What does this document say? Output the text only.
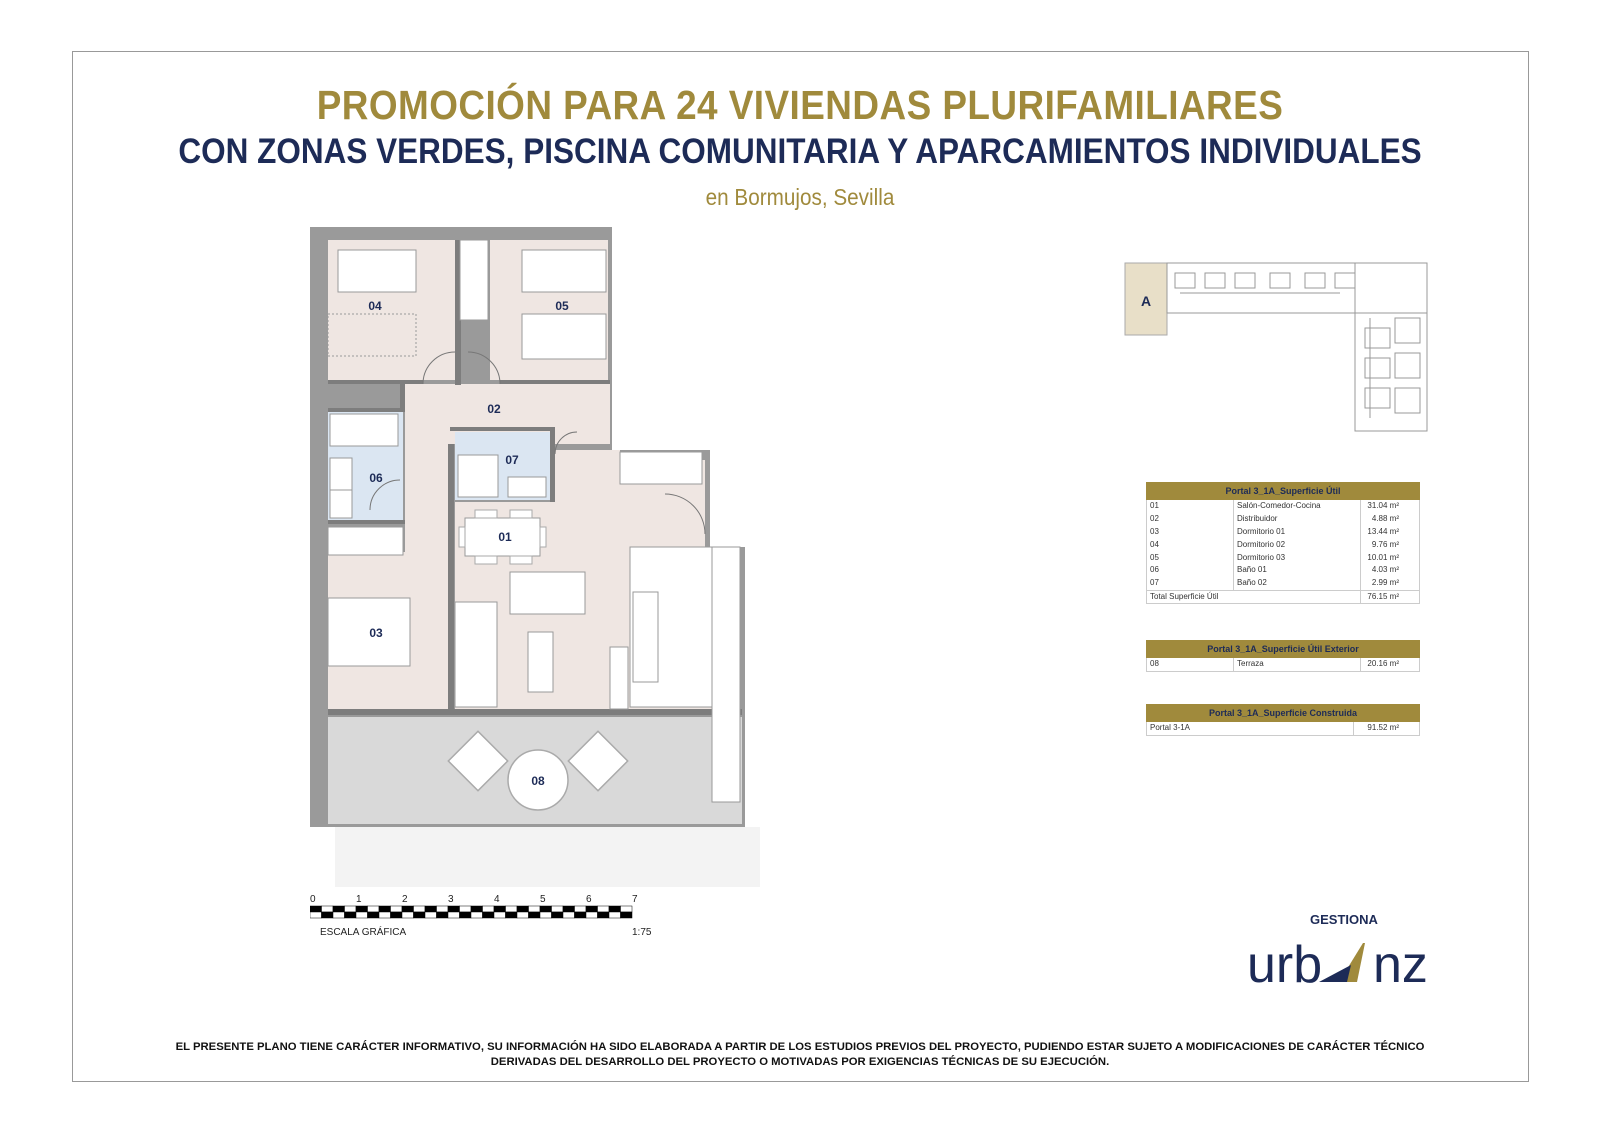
PROMOCIÓN PARA 24 VIVIENDAS PLURIFAMILIARES
CON ZONAS VERDES, PISCINA COMUNITARIA Y APARCAMIENTOS INDIVIDUALES
en Bormujos, Sevilla
04	05
02
06
07
01
03
08
0	1	2	3	4	5	6	7
ESCALA GRÁFICA	1:75
A
Portal 3_1A_Superficie Útil		
01	Salón-Comedor-Cocina	31.04 m²
02	Distribuidor	4.88 m²
03	Dormitorio 01	13.44 m²
04	Dormitorio 02	9.76 m²
05	Dormitorio 03	10.01 m²
06	Baño 01	4.03 m²
07	Baño 02	2.99 m²
Total Superficie Útil		76.15 m²
Portal 3_1A_Superficie Útil Exterior
08	Terraza	20.16 m²
Portal 3_1A_Superficie Construida
Portal 3-1A	91.52 m²
GESTIONA
urb nz
EL PRESENTE PLANO TIENE CARÁCTER INFORMATIVO, SU INFORMACIÓN HA SIDO ELABORADA A PARTIR DE LOS ESTUDIOS PREVIOS DEL PROYECTO, PUDIENDO ESTAR SUJETO A MODIFICACIONES DE CARÁCTER TÉCNICO
DERIVADAS DEL DESARROLLO DEL PROYECTO O MOTIVADAS POR EXIGENCIAS TÉCNICAS DE SU EJECUCIÓN.
